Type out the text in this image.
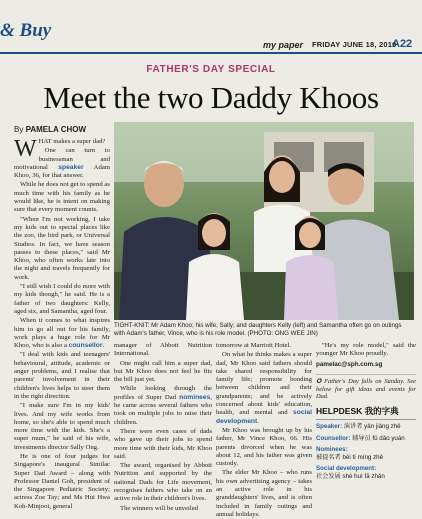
& Buy
my paper FRIDAY JUNE 18, 2010
A22
FATHER'S DAY SPECIAL
Meet the two Daddy Khoos
By PAMELA CHOW
TIGHT-KNIT: Mr Adam Khoo; his wife, Sally; and daughters Kelly (left) and Samantha often go on outings with Adam's father, Vince, who is his role model. (PHOTO: ONG WEE JIN)

WHAT makes a super dad?

One can turn to businessman and motivational speaker Adam Khoo, 36, for that answer.

While he does not get to spend as much time with his family as he would like, he is intent on making sure that every moment counts.

"When I'm not working, I take my kids out to special places like the zoo, the bird park, or Universal Studios. In fact, we have season passes to these places," said Mr Khoo, who often works late into the night and travels frequently for work.

"I still wish I could do more with my kids though," he said. He is a father of two daughters: Kelly, aged six, and Samantha, aged four.

When it comes to what inspires him to go all out for his family, work plays a huge role for Mr Khoo, who is also a counsellor.

"I deal with kids and teenagers' behavioural, attitude, academic or anger problems, and I realise that parents' involvement in their children's lives helps to steer them in the right direction.

"I make sure I'm in my kids' lives. And my wife works from home, so she's able to spend much more time with the kids. She's a super mum," he said of his wife, investments director Sally Ong.

He is one of four judges for Singapore's inaugural Similac Super Dad Award – along with Professor Daniel Goh, president of the Singapore Pediatric Society; actress Zoe Tay; and Ms Hui Hwa Koh-Minjoot, general

manager of Abbott Nutrition International.

One might call him a super dad, but Mr Khoo does not feel he fits the bill just yet.

While looking through the profiles of Super Dad nominees, he came across several fathers who took on multiple jobs to raise their children.

There were even cases of dads who gave up their jobs to spend more time with their kids, Mr Khoo said.

The award, organised by Abbott Nutrition and supported by the national Dads for Life movement, recognises fathers who take on an active role in their children's lives.

The winners will be unveiled

tomorrow at Marriott Hotel.

On what he thinks makes a super dad, Mr Khoo said fathers should take shared responsibility for family life; promote bonding between children and their grandparents; and be actively concerned about kids' education, health, and mental and social development.

Mr Khoo was brought up by his father, Mr Vince Khoo, 66. His parents divorced when he was about 12, and his father was given custody.

The elder Mr Khoo – who runs his own advertising agency – takes an active role in his granddaughters' lives, and is often included in family outings and annual holidays.

"He's my role model," said the younger Mr Khoo proudly.

pamelac@sph.com.sg
✪ Father's Day falls on Sunday. See below for gift ideas and events for Dad.
HELPDESK 我的字典
Speaker: 演讲者 yǎn jiǎng zhě
Counsellor: 辅导员 fǔ dǎo yuán
Nominees:
被提名者 bèi tí míng zhě
Social development:
社会发展 shè huì fā zhǎn
